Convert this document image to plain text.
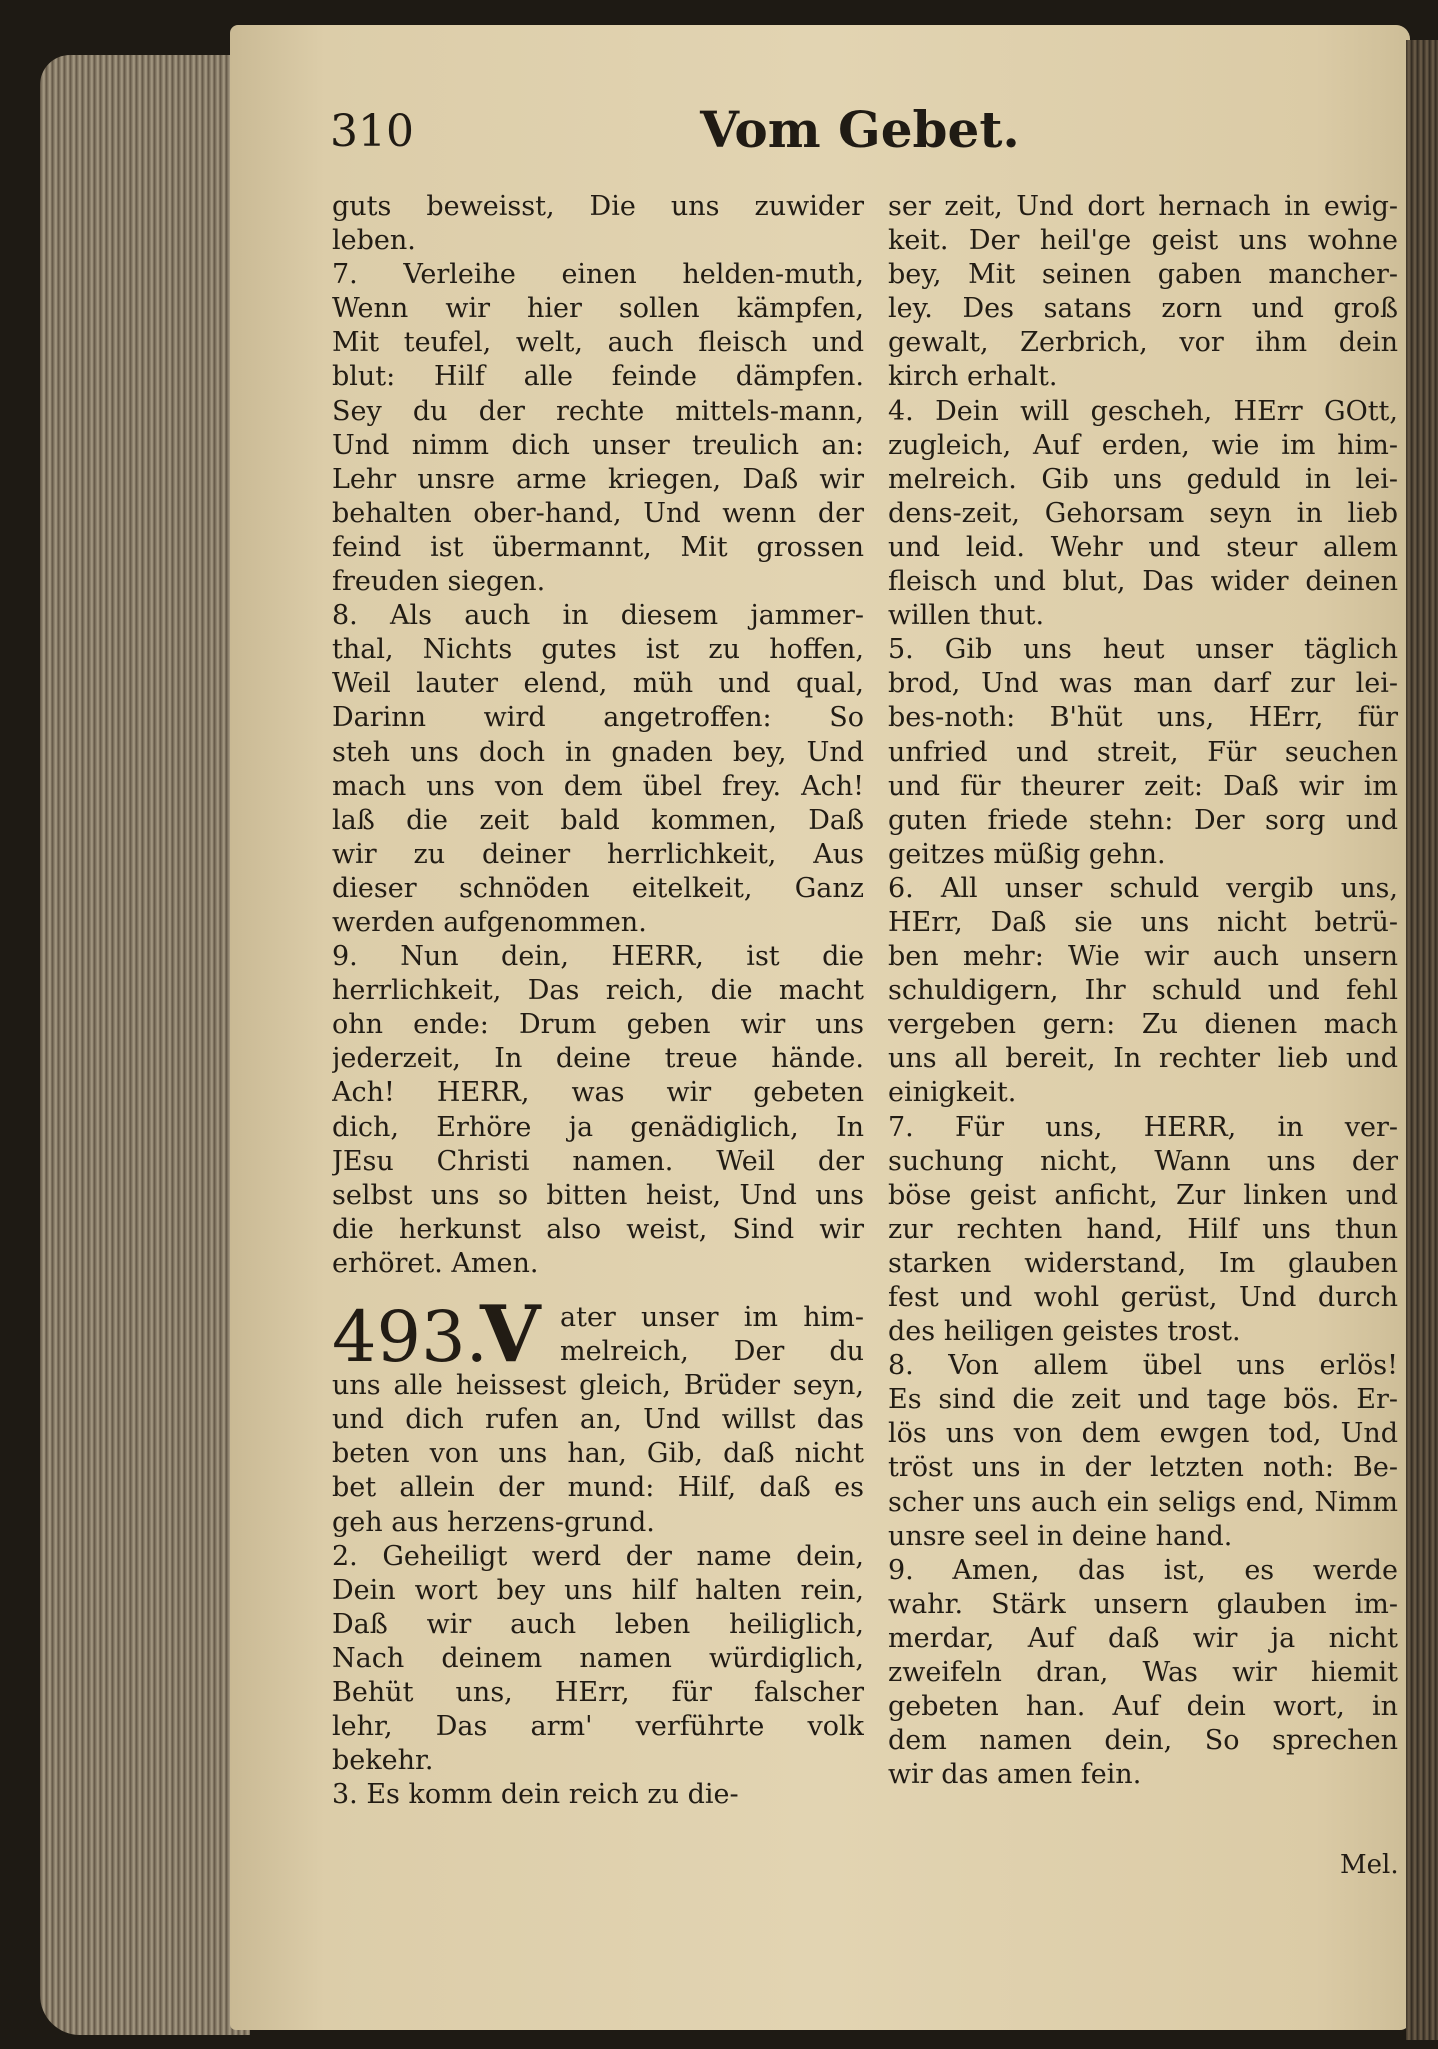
310	Vom Gebet.
guts beweisst, Die uns zuwider
leben.
7. Verleihe einen helden-muth,
Wenn wir hier sollen kämpfen,
Mit teufel, welt, auch fleisch und
blut: Hilf alle feinde dämpfen.
Sey du der rechte mittels-mann,
Und nimm dich unser treulich an:
Lehr unsre arme kriegen, Daß wir
behalten ober-hand, Und wenn der
feind ist übermannt, Mit grossen
freuden siegen.
8. Als auch in diesem jammer-
thal, Nichts gutes ist zu hoffen,
Weil lauter elend, müh und qual,
Darinn wird angetroffen: So
steh uns doch in gnaden bey, Und
mach uns von dem übel frey. Ach!
laß die zeit bald kommen, Daß
wir zu deiner herrlichkeit, Aus
dieser schnöden eitelkeit, Ganz
werden aufgenommen.
9. Nun dein, HERR, ist die
herrlichkeit, Das reich, die macht
ohn ende: Drum geben wir uns
jederzeit, In deine treue hände.
Ach! HERR, was wir gebeten
dich, Erhöre ja genädiglich, In
JEsu Christi namen. Weil der
selbst uns so bitten heist, Und uns
die herkunst also weist, Sind wir
erhöret. Amen.
493.
V ater unser im him-
melreich, Der du
uns alle heissest gleich, Brüder seyn,
und dich rufen an, Und willst das
beten von uns han, Gib, daß nicht
bet allein der mund: Hilf, daß es
geh aus herzens-grund.
2. Geheiligt werd der name dein,
Dein wort bey uns hilf halten rein,
Daß wir auch leben heiliglich,
Nach deinem namen würdiglich,
Behüt uns, HErr, für falscher
lehr, Das arm' verführte volk
bekehr.
3. Es komm dein reich zu die-
ser zeit, Und dort hernach in ewig-
keit. Der heil'ge geist uns wohne
bey, Mit seinen gaben mancher-
ley. Des satans zorn und groß
gewalt, Zerbrich, vor ihm dein
kirch erhalt.
4. Dein will gescheh, HErr GOtt,
zugleich, Auf erden, wie im him-
melreich. Gib uns geduld in lei-
dens-zeit, Gehorsam seyn in lieb
und leid. Wehr und steur allem
fleisch und blut, Das wider deinen
willen thut.
5. Gib uns heut unser täglich
brod, Und was man darf zur lei-
bes-noth: B'hüt uns, HErr, für
unfried und streit, Für seuchen
und für theurer zeit: Daß wir im
guten friede stehn: Der sorg und
geitzes müßig gehn.
6. All unser schuld vergib uns,
HErr, Daß sie uns nicht betrü-
ben mehr: Wie wir auch unsern
schuldigern, Ihr schuld und fehl
vergeben gern: Zu dienen mach
uns all bereit, In rechter lieb und
einigkeit.
7. Für uns, HERR, in ver-
suchung nicht, Wann uns der
böse geist anficht, Zur linken und
zur rechten hand, Hilf uns thun
starken widerstand, Im glauben
fest und wohl gerüst, Und durch
des heiligen geistes trost.
8. Von allem übel uns erlös!
Es sind die zeit und tage bös. Er-
lös uns von dem ewgen tod, Und
tröst uns in der letzten noth: Be-
scher uns auch ein seligs end, Nimm
unsre seel in deine hand.
9. Amen, das ist, es werde
wahr. Stärk unsern glauben im-
merdar, Auf daß wir ja nicht
zweifeln dran, Was wir hiemit
gebeten han. Auf dein wort, in
dem namen dein, So sprechen
wir das amen fein.
Mel.
